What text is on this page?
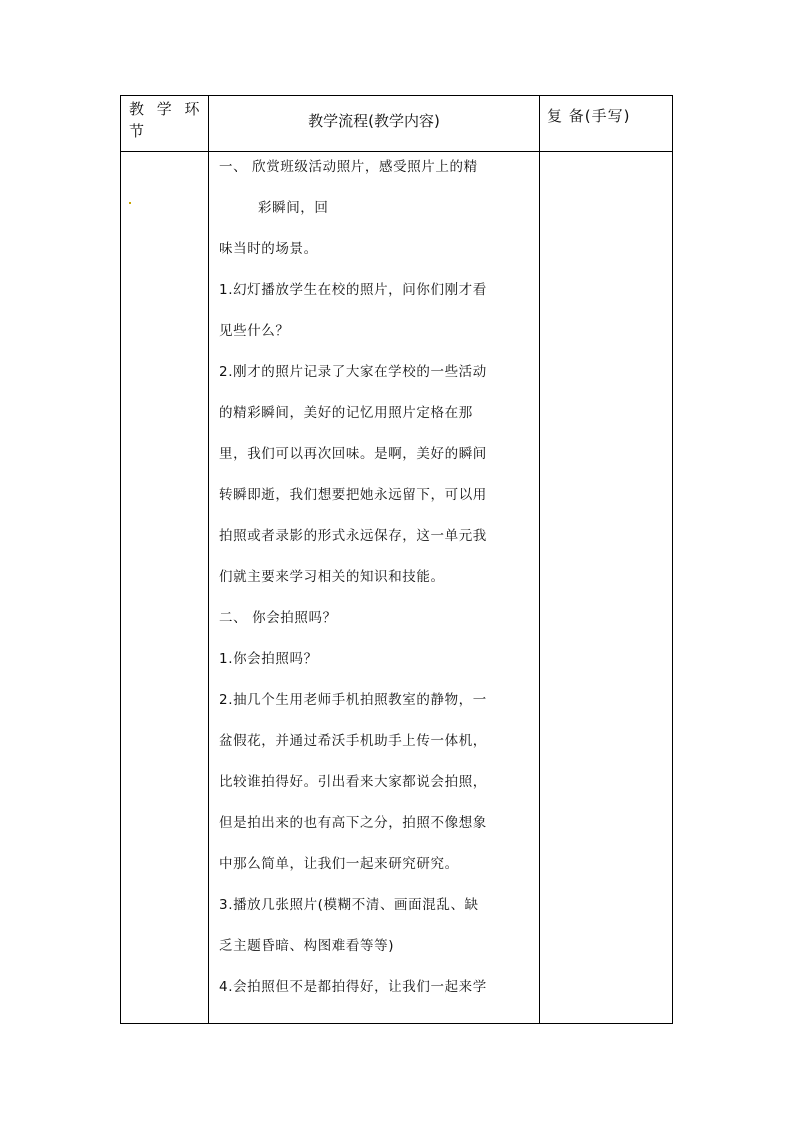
教 学 环 节
教学流程(教学内容)	复 备(手写)
一、 欣赏班级活动照片，感受照片上的精
彩瞬间，回
味当时的场景。
1.幻灯播放学生在校的照片，问你们刚才看
见些什么？
2.刚才的照片记录了大家在学校的一些活动
的精彩瞬间，美好的记忆用照片定格在那
里，我们可以再次回味。是啊，美好的瞬间
转瞬即逝，我们想要把她永远留下，可以用
拍照或者录影的形式永远保存，这一单元我
们就主要来学习相关的知识和技能。
二、 你会拍照吗？
1.你会拍照吗？
2.抽几个生用老师手机拍照教室的静物，一
盆假花，并通过希沃手机助手上传一体机，
比较谁拍得好。引出看来大家都说会拍照，
但是拍出来的也有高下之分，拍照不像想象
中那么简单，让我们一起来研究研究。
3.播放几张照片(模糊不清、画面混乱、缺
乏主题昏暗、构图难看等等)
4.会拍照但不是都拍得好，让我们一起来学
